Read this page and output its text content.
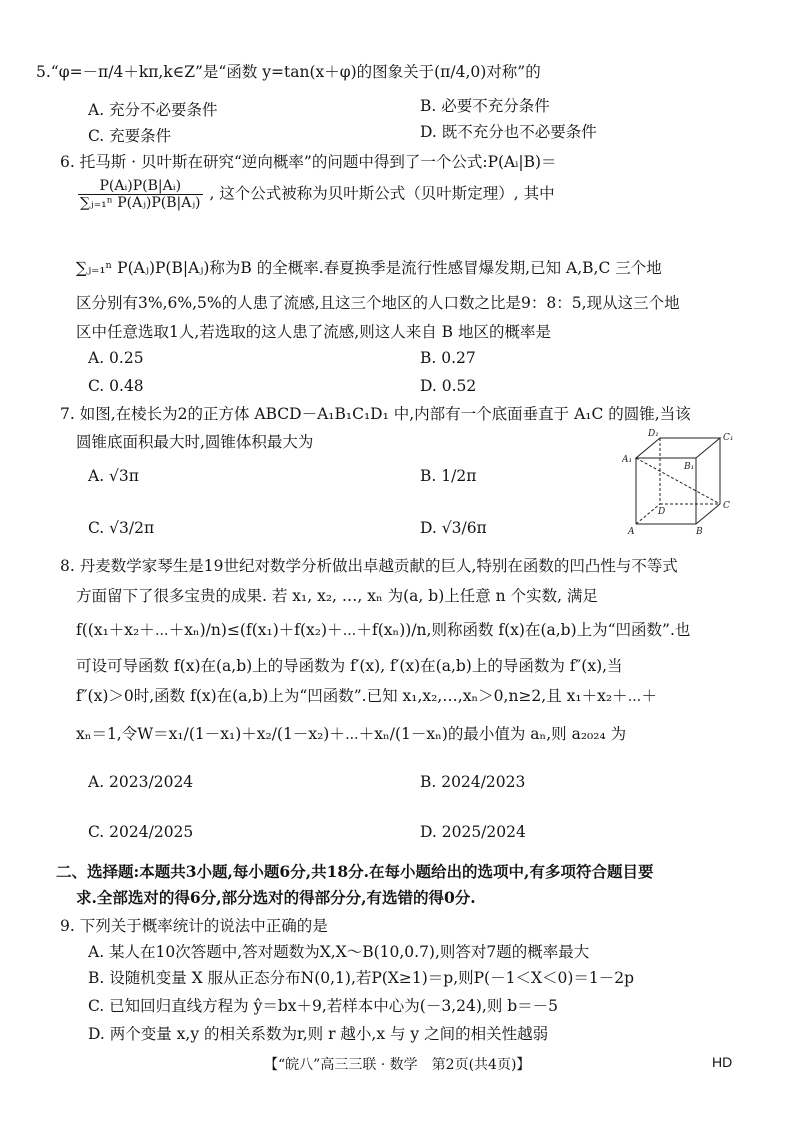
5.“φ=－π/4＋kπ,k∈Z”是“函数 y=tan(x＋φ)的图象关于(π/4,0)对称”的
A. 充分不必要条件	B. 必要不充分条件
C. 充要条件	D. 既不充分也不必要条件
6. 托马斯 · 贝叶斯在研究“逆向概率”的问题中得到了一个公式:P(Aᵢ|B)＝
$\frac{\text{P(Aᵢ)P(B|Aᵢ)}}{\text{∑ⱼ₌₁ⁿ P(Aⱼ)P(B|Aⱼ)}}$ , 这个公式被称为贝叶斯公式（贝叶斯定理）, 其中
∑ⱼ₌₁ⁿ P(Aⱼ)P(B|Aⱼ)称为B 的全概率.春夏换季是流行性感冒爆发期,已知 A,B,C 三个地
区分别有3%,6%,5%的人患了流感,且这三个地区的人口数之比是9：8：5,现从这三个地
区中任意选取1人,若选取的这人患了流感,则这人来自 B 地区的概率是
A. 0.25	B. 0.27
C. 0.48	D. 0.52
7. 如图,在棱长为2的正方体 ABCD－A₁B₁C₁D₁ 中,内部有一个底面垂直于 A₁C 的圆锥,当该
圆锥底面积最大时,圆锥体积最大为
A. √3π	B. 1/2π
C. √3/2π	D. √3/6π
D₁	C₁
A₁
B₁
D
C
A	B
8. 丹麦数学家琴生是19世纪对数学分析做出卓越贡献的巨人,特别在函数的凹凸性与不等式
方面留下了很多宝贵的成果. 若 x₁, x₂, …, xₙ 为(a, b)上任意 n 个实数, 满足
f((x₁＋x₂＋⋯＋xₙ)/n)≤(f(x₁)＋f(x₂)＋⋯＋f(xₙ))/n,则称函数 f(x)在(a,b)上为“凹函数”.也
可设可导函数 f(x)在(a,b)上的导函数为 f′(x), f′(x)在(a,b)上的导函数为 f″(x),当
f″(x)＞0时,函数 f(x)在(a,b)上为“凹函数”.已知 x₁,x₂,…,xₙ＞0,n≥2,且 x₁＋x₂＋⋯＋
xₙ＝1,令W＝x₁/(1－x₁)＋x₂/(1－x₂)＋⋯＋xₙ/(1－xₙ)的最小值为 aₙ,则 a₂₀₂₄ 为
A. 2023/2024	B. 2024/2023
C. 2024/2025	D. 2025/2024
二、选择题:本题共3小题,每小题6分,共18分.在每小题给出的选项中,有多项符合题目要
求.全部选对的得6分,部分选对的得部分分,有选错的得0分.
9. 下列关于概率统计的说法中正确的是
A. 某人在10次答题中,答对题数为X,X～B(10,0.7),则答对7题的概率最大
B. 设随机变量 X 服从正态分布N(0,1),若P(X≥1)＝p,则P(－1＜X＜0)＝1－2p
C. 已知回归直线方程为 ŷ＝bx＋9,若样本中心为(－3,24),则 b＝－5
D. 两个变量 x,y 的相关系数为r,则 r 越小,x 与 y 之间的相关性越弱
【“皖八”高三三联 · 数学　第2页(共4页)】	HD
